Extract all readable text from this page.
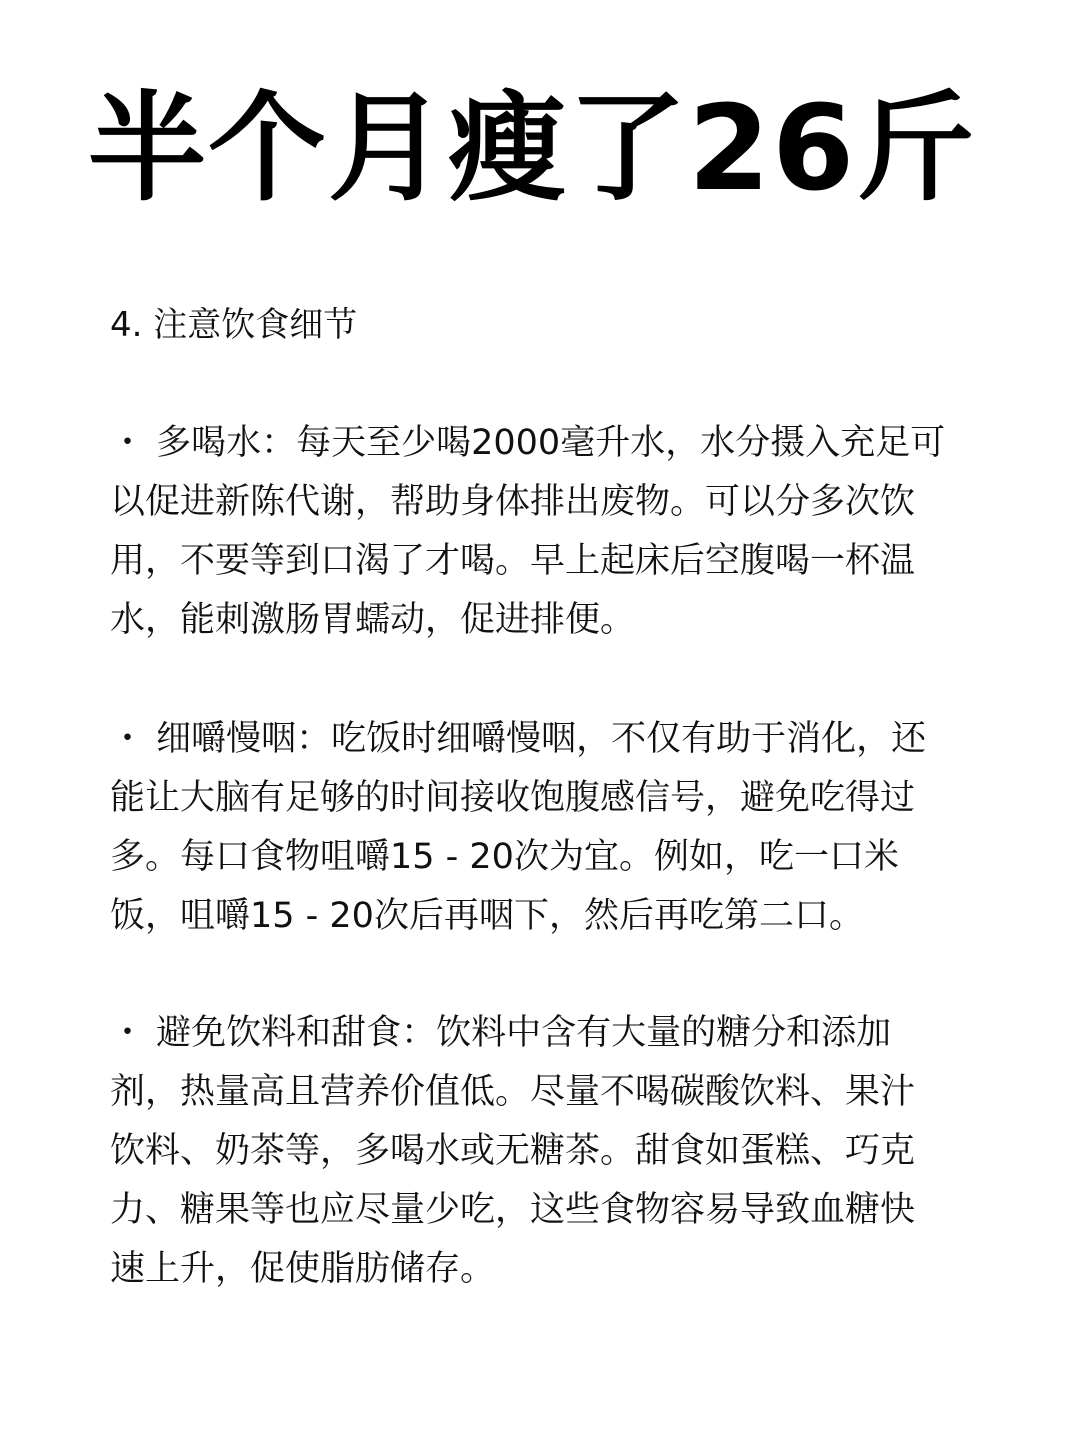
半个月瘦了26斤
4. 注意饮食细节

・ 多喝水：每天至少喝2000毫升水，水分摄入充足可
以促进新陈代谢，帮助身体排出废物。可以分多次饮
用，不要等到口渴了才喝。早上起床后空腹喝一杯温
水，能刺激肠胃蠕动，促进排便。

・ 细嚼慢咽：吃饭时细嚼慢咽，不仅有助于消化，还
能让大脑有足够的时间接收饱腹感信号，避免吃得过
多。每口食物咀嚼15 - 20次为宜。例如，吃一口米
饭，咀嚼15 - 20次后再咽下，然后再吃第二口。

・ 避免饮料和甜食：饮料中含有大量的糖分和添加
剂，热量高且营养价值低。尽量不喝碳酸饮料、果汁
饮料、奶茶等，多喝水或无糖茶。甜食如蛋糕、巧克
力、糖果等也应尽量少吃，这些食物容易导致血糖快
速上升，促使脂肪储存。
